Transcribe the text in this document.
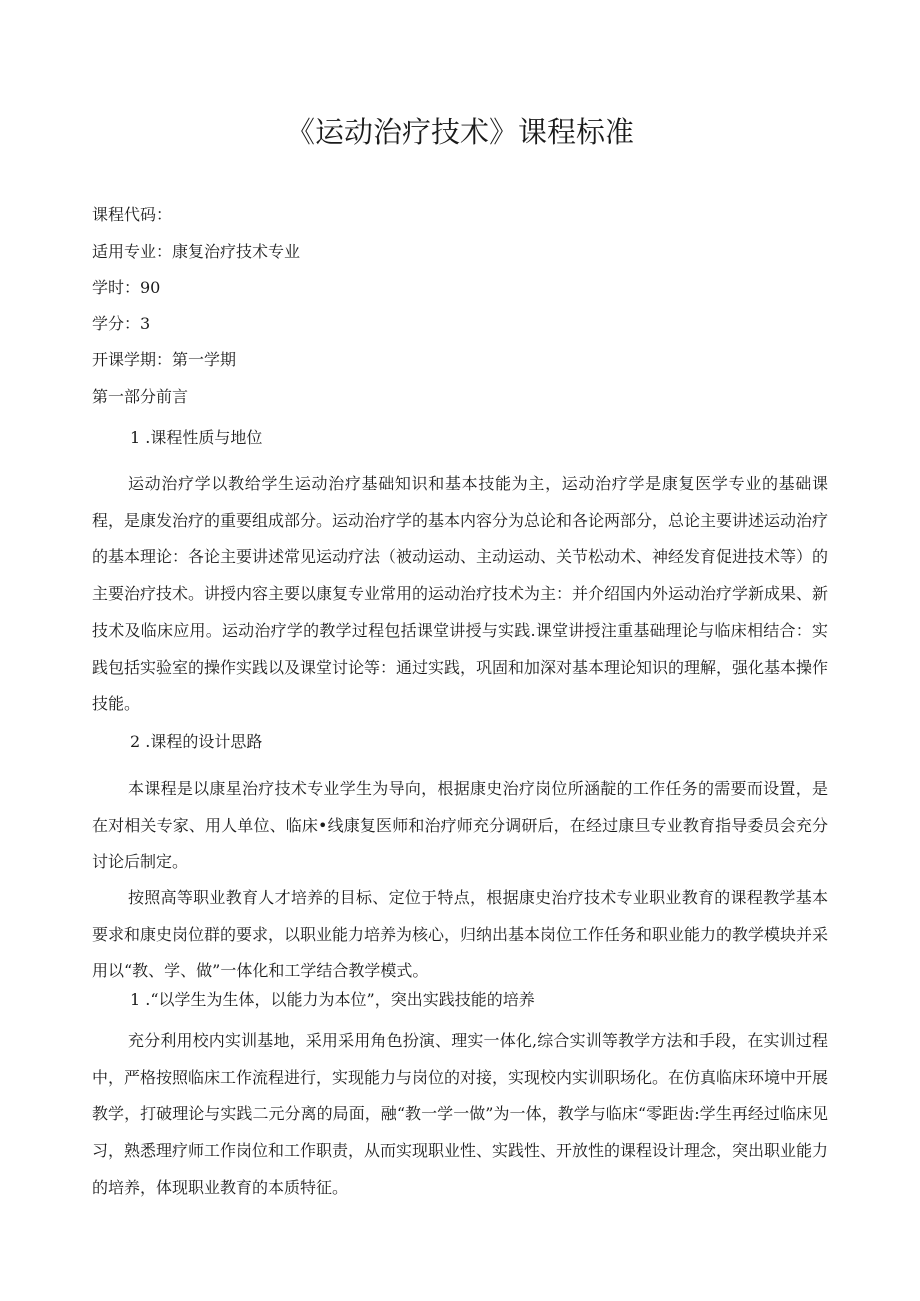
《运动治疗技术》课程标准
课程代码：
适用专业：康复治疗技术专业
学时：90
学分：3
开课学期：第一学期
第一部分前言
1 .课程性质与地位

运动治疗学以教给学生运动治疗基础知识和基本技能为主，运动治疗学是康复医学专业的基础课程，是康发治疗的重要组成部分。运动治疗学的基本内容分为总论和各论两部分，总论主要讲述运动治疗的基本理论：各论主要讲述常见运动疗法（被动运动、主动运动、关节松动术、神经发育促进技术等）的主要治疗技术。讲授内容主要以康复专业常用的运动治疗技术为主：并介绍国内外运动治疗学新成果、新技术及临床应用。运动治疗学的教学过程包括课堂讲授与实践.课堂讲授注重基础理论与临床相结合：实践包括实验室的操作实践以及课堂讨论等：通过实践，巩固和加深对基本理论知识的理解，强化基本操作技能。

2 .课程的设计思路

本课程是以康星治疗技术专业学生为导向，根据康史治疗岗位所涵靛的工作任务的需要而设置，是在对相关专家、用人单位、临床•线康复医师和治疗师充分调研后，在经过康旦专业教育指导委员会充分讨论后制定。

按照高等职业教育人才培养的目标、定位于特点，根据康史治疗技术专业职业教育的课程教学基本要求和康史岗位群的要求，以职业能力培养为核心，归纳出基本岗位工作任务和职业能力的教学模块并采用以“教、学、做”一体化和工学结合教学模式。

1 .“以学生为生体，以能力为本位”，突出实践技能的培养

充分利用校内实训基地，采用采用角色扮演、理实一体化,综合实训等教学方法和手段，在实训过程中，严格按照临床工作流程进行，实现能力与岗位的对接，实现校内实训职场化。在仿真临床环境中开展教学，打破理论与实践二元分离的局面，融“教一学一做”为一体，教学与临床“零距齿:学生再经过临床见习，熟悉理疗师工作岗位和工作职责，从而实现职业性、实践性、开放性的课程设计理念，突出职业能力的培养，体现职业教育的本质特征。
